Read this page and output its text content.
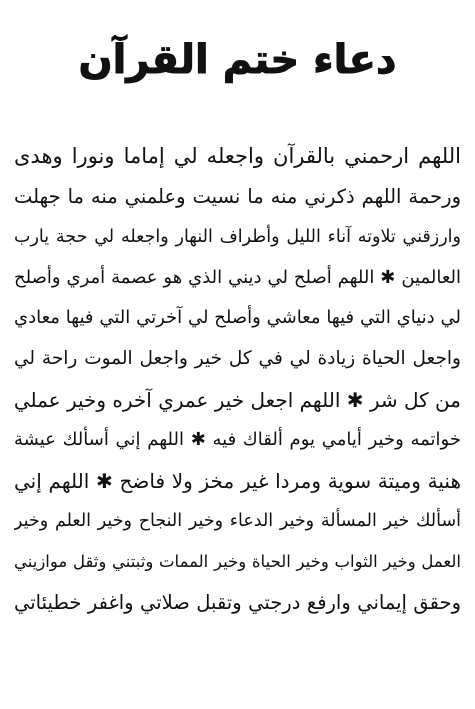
دعاء ختم القرآن
اللهم ارحمني بالقرآن واجعله لي إماما ونورا وهدى
ورحمة اللهم ذكرني منه ما نسيت وعلمني منه ما جهلت
وارزقني تلاوته آناء الليل وأطراف النهار واجعله لي حجة يارب
العالمين ✱ اللهم أصلح لي ديني الذي هو عصمة أمري وأصلح
لي دنياي التي فيها معاشي وأصلح لي آخرتي التي فيها معادي
واجعل الحياة زيادة لي في كل خير واجعل الموت راحة لي
من كل شر ✱ اللهم اجعل خير عمري آخره وخير عملي
خواتمه وخير أيامي يوم ألقاك فيه ✱ اللهم إني أسألك عيشة
هنية وميتة سوية ومردا غير مخز ولا فاضح ✱ اللهم إني
أسألك خير المسألة وخير الدعاء وخير النجاح وخير العلم وخير
العمل وخير الثواب وخير الحياة وخير الممات وثبتني وثقل موازيني
وحقق إيماني وارفع درجتي وتقبل صلاتي واغفر خطيئاتي
